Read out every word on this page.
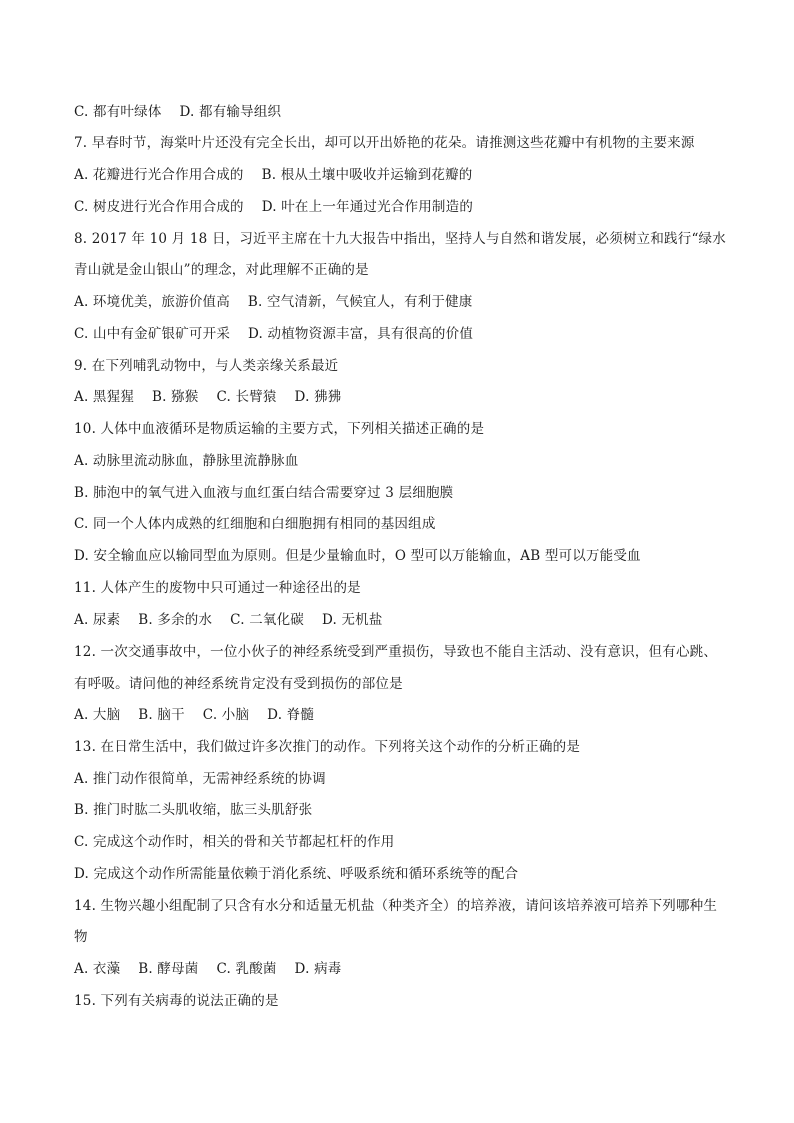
C. 都有叶绿体    D. 都有输导组织
7. 早春时节，海棠叶片还没有完全长出，却可以开出娇艳的花朵。请推测这些花瓣中有机物的主要来源
A. 花瓣进行光合作用合成的    B. 根从土壤中吸收并运输到花瓣的
C. 树皮进行光合作用合成的    D. 叶在上一年通过光合作用制造的
8. 2017 年 10 月 18 日，习近平主席在十九大报告中指出，坚持人与自然和谐发展，必须树立和践行“绿水
青山就是金山银山”的理念，对此理解不正确的是
A. 环境优美，旅游价值高    B. 空气清新，气候宜人，有利于健康
C. 山中有金矿银矿可开采    D. 动植物资源丰富，具有很高的价值
9. 在下列哺乳动物中，与人类亲缘关系最近
A. 黑猩猩    B. 猕猴    C. 长臂猿    D. 狒狒
10. 人体中血液循环是物质运输的主要方式，下列相关描述正确的是
A. 动脉里流动脉血，静脉里流静脉血
B. 肺泡中的氧气进入血液与血红蛋白结合需要穿过 3 层细胞膜
C. 同一个人体内成熟的红细胞和白细胞拥有相同的基因组成
D. 安全输血应以输同型血为原则。但是少量输血时，O 型可以万能输血，AB 型可以万能受血
11. 人体产生的废物中只可通过一种途径出的是
A. 尿素    B. 多余的水    C. 二氧化碳    D. 无机盐
12. 一次交通事故中，一位小伙子的神经系统受到严重损伤，导致也不能自主活动、没有意识，但有心跳、
有呼吸。请问他的神经系统肯定没有受到损伤的部位是
A. 大脑    B. 脑干    C. 小脑    D. 脊髓
13. 在日常生活中，我们做过许多次推门的动作。下列将关这个动作的分析正确的是
A. 推门动作很简单，无需神经系统的协调
B. 推门时肱二头肌收缩，肱三头肌舒张
C. 完成这个动作时，相关的骨和关节都起杠杆的作用
D. 完成这个动作所需能量依赖于消化系统、呼吸系统和循环系统等的配合
14. 生物兴趣小组配制了只含有水分和适量无机盐（种类齐全）的培养液，请问该培养液可培养下列哪种生
物
A. 衣藻    B. 酵母菌    C. 乳酸菌    D. 病毒
15. 下列有关病毒的说法正确的是
